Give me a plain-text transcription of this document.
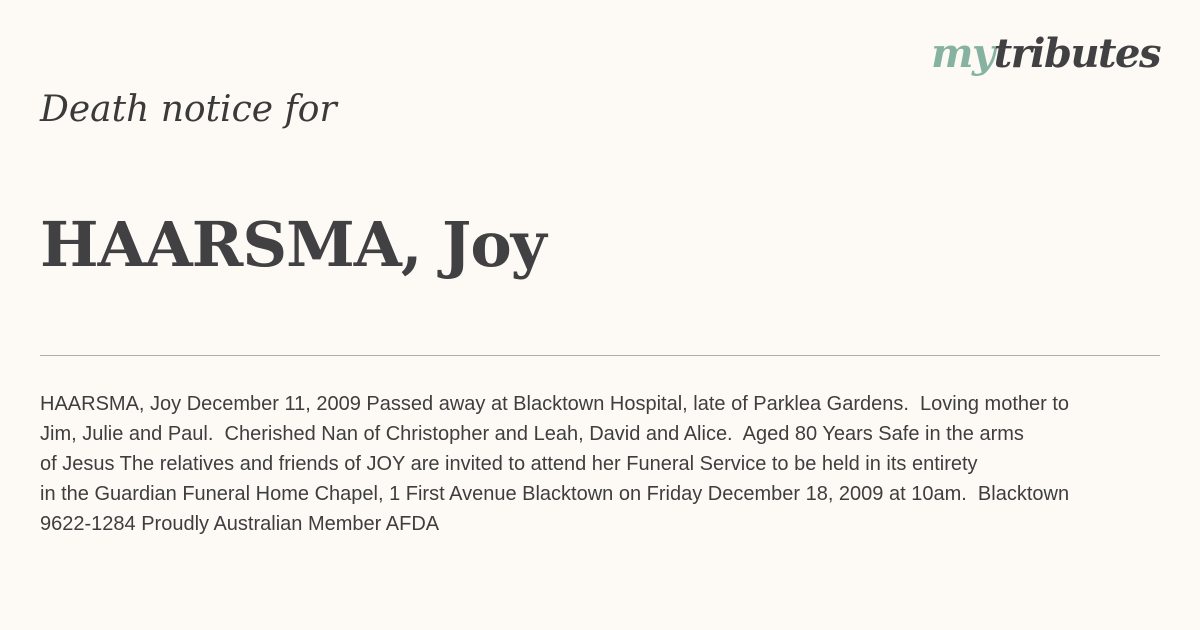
mytributes
Death notice for
HAARSMA, Joy

HAARSMA, Joy December 11, 2009 Passed away at Blacktown Hospital, late of Parklea Gardens.  Loving mother to
Jim, Julie and Paul.  Cherished Nan of Christopher and Leah, David and Alice.  Aged 80 Years Safe in the arms
of Jesus The relatives and friends of JOY are invited to attend her Funeral Service to be held in its entirety
in the Guardian Funeral Home Chapel, 1 First Avenue Blacktown on Friday December 18, 2009 at 10am.  Blacktown
9622-1284 Proudly Australian Member AFDA
